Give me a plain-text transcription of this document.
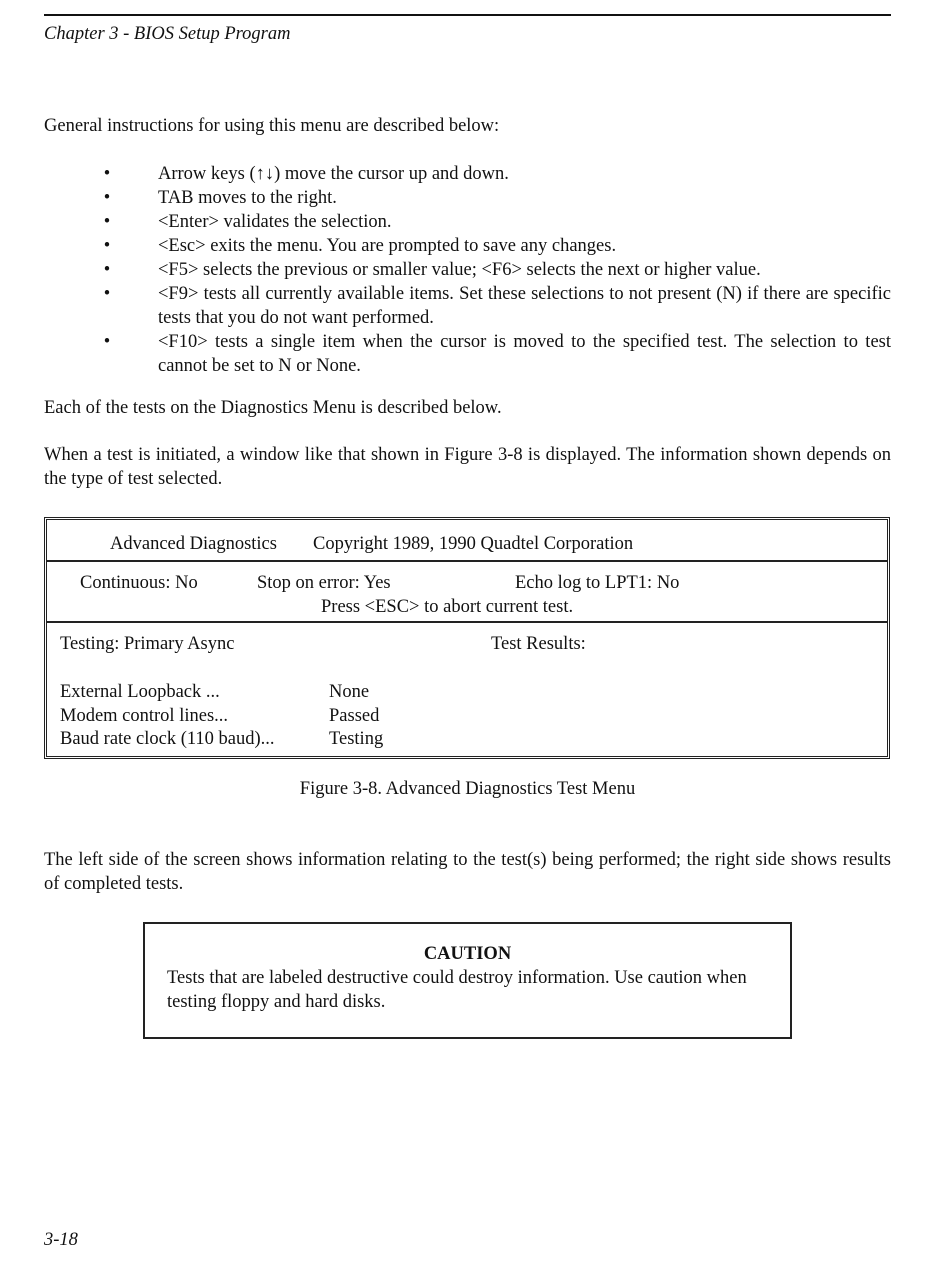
Chapter 3 - BIOS Setup Program
General instructions for using this menu are described below:
•	Arrow keys (↑↓) move the cursor up and down.
•	TAB moves to the right.
•	<Enter> validates the selection.
•	<Esc> exits the menu. You are prompted to save any changes.
•	<F5> selects the previous or smaller value; <F6> selects the next or higher value.
•	<F9> tests all currently available items. Set these selections to not present (N) if there are specific tests that you do not want performed.
•	<F10> tests a single item when the cursor is moved to the specified test. The selection to test cannot be set to N or None.
Each of the tests on the Diagnostics Menu is described below.
When a test is initiated, a window like that shown in Figure 3-8 is displayed. The information shown depends on the type of test selected.
Advanced Diagnostics Copyright 1989, 1990 Quadtel Corporation
Continuous: No	Stop on error: Yes	Echo log to LPT1: No
Press <ESC> to abort current test.
Testing: Primary Async	Test Results:
External Loopback ...	None
Modem control lines...	Passed
Baud rate clock (110 baud)...	Testing
Figure 3-8. Advanced Diagnostics Test Menu
The left side of the screen shows information relating to the test(s) being performed; the right side shows results of completed tests.
CAUTION
Tests that are labeled destructive could destroy information. Use caution when testing floppy and hard disks.
3-18
